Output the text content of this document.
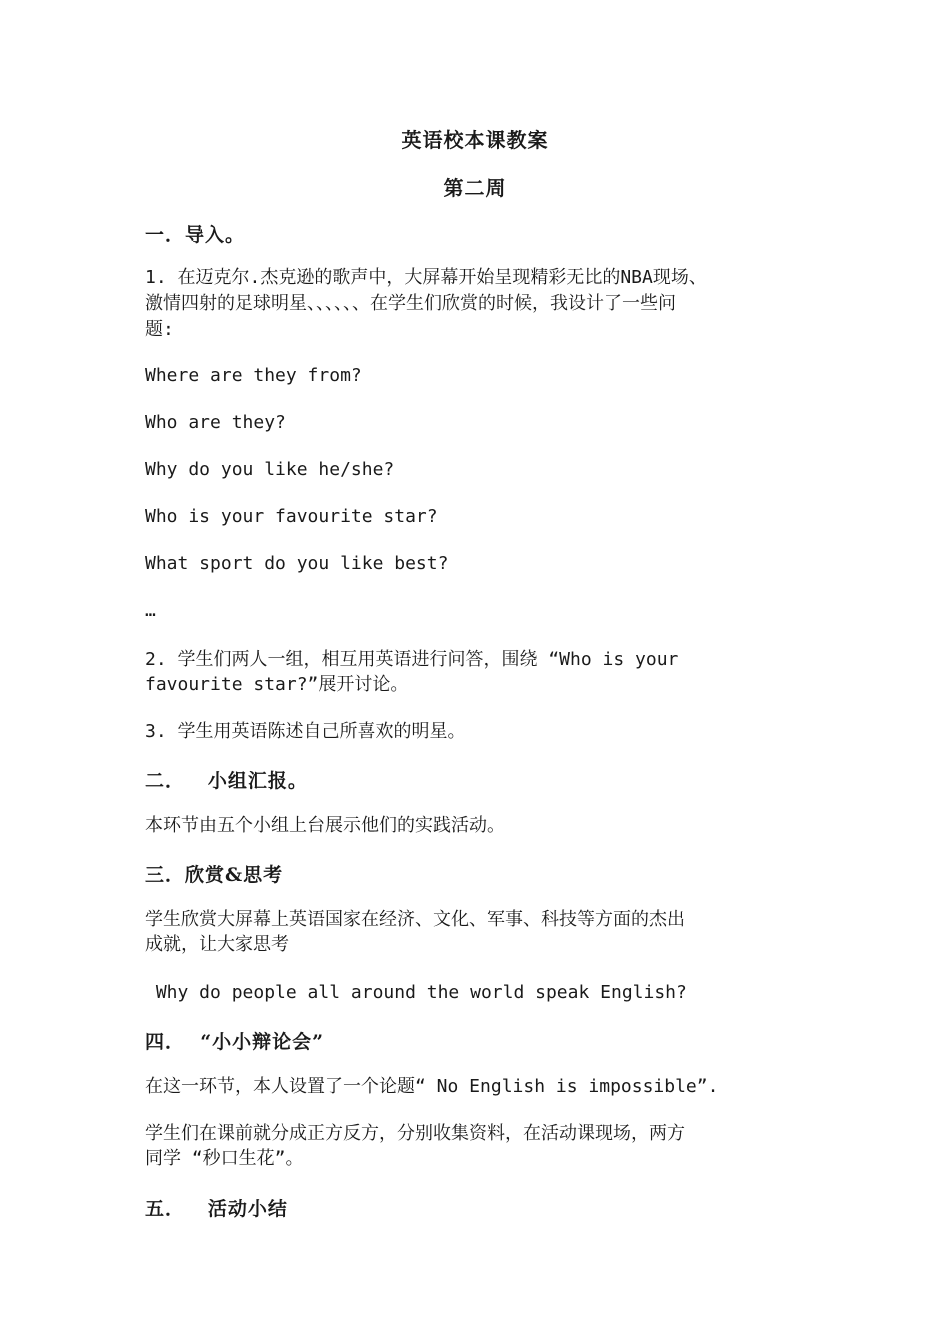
英语校本课教案
第二周
一．导入。
1. 在迈克尔.杰克逊的歌声中，大屏幕开始呈现精彩无比的NBA现场、
激情四射的足球明星、、、、、、在学生们欣赏的时候，我设计了一些问
题:
Where are they from?
Who are they?
Why do you like he/she?
Who is your favourite star?
What sport do you like best?
…
2. 学生们两人一组，相互用英语进行问答，围绕 “Who is your
favourite star?”展开讨论。
3. 学生用英语陈述自己所喜欢的明星。
二．   小组汇报。
本环节由五个小组上台展示他们的实践活动。
三．欣赏&思考
学生欣赏大屏幕上英语国家在经济、文化、军事、科技等方面的杰出
成就，让大家思考
Why do people all around the world speak English?
四．  “小小辩论会”
在这一环节，本人设置了一个论题“ No English is impossible”.
学生们在课前就分成正方反方，分别收集资料，在活动课现场，两方
同学 “秒口生花”。
五．   活动小结
